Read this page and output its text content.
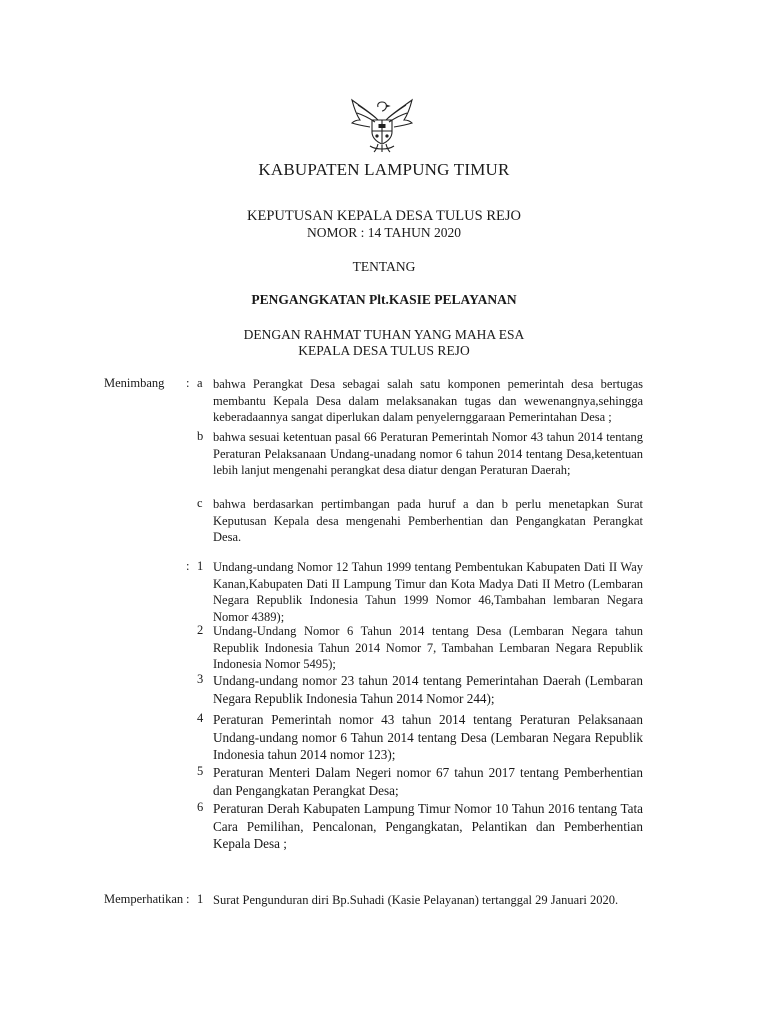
KABUPATEN LAMPUNG TIMUR
KEPUTUSAN KEPALA DESA TULUS REJO
NOMOR : 14 TAHUN 2020
TENTANG
PENGANGKATAN Plt.KASIE PELAYANAN
DENGAN RAHMAT TUHAN YANG MAHA ESA
KEPALA DESA TULUS REJO
Menimbang : a bahwa Perangkat Desa sebagai salah satu komponen pemerintah desa bertugas membantu Kepala Desa dalam melaksanakan tugas dan wewenangnya,sehingga keberadaannya sangat diperlukan dalam penyelernggaraan Pemerintahan Desa ;
b bahwa sesuai ketentuan pasal 66 Peraturan Pemerintah Nomor 43 tahun 2014 tentang Peraturan Pelaksanaan Undang-unadang nomor 6 tahun 2014 tentang Desa,ketentuan lebih lanjut mengenahi perangkat desa diatur dengan Peraturan Daerah;
c bahwa berdasarkan pertimbangan pada huruf a dan b perlu menetapkan Surat Keputusan Kepala desa mengenahi Pemberhentian dan Pengangkatan Perangkat Desa.
: 1 Undang-undang Nomor 12 Tahun 1999 tentang Pembentukan Kabupaten Dati II Way Kanan,Kabupaten Dati II Lampung Timur dan Kota Madya Dati II Metro (Lembaran Negara Republik Indonesia Tahun 1999 Nomor 46,Tambahan lembaran Negara Nomor 4389);
2 Undang-Undang Nomor 6 Tahun 2014 tentang Desa (Lembaran Negara tahun Republik Indonesia Tahun 2014 Nomor 7, Tambahan Lembaran Negara Republik Indonesia Nomor 5495);
3 Undang-undang nomor 23 tahun 2014 tentang Pemerintahan Daerah (Lembaran Negara Republik Indonesia Tahun 2014 Nomor 244);
4 Peraturan Pemerintah nomor 43 tahun 2014 tentang Peraturan Pelaksanaan Undang-undang nomor 6 Tahun 2014 tentang Desa (Lembaran Negara Republik Indonesia tahun 2014 nomor 123);
5 Peraturan Menteri Dalam Negeri nomor 67 tahun 2017 tentang Pemberhentian dan Pengangkatan Perangkat Desa;
6 Peraturan Derah Kabupaten Lampung Timur Nomor 10 Tahun 2016 tentang Tata Cara Pemilihan, Pencalonan, Pengangkatan, Pelantikan dan Pemberhentian Kepala Desa ;
Memperhatikan : 1 Surat Pengunduran diri Bp.Suhadi (Kasie Pelayanan) tertanggal 29 Januari 2020.
